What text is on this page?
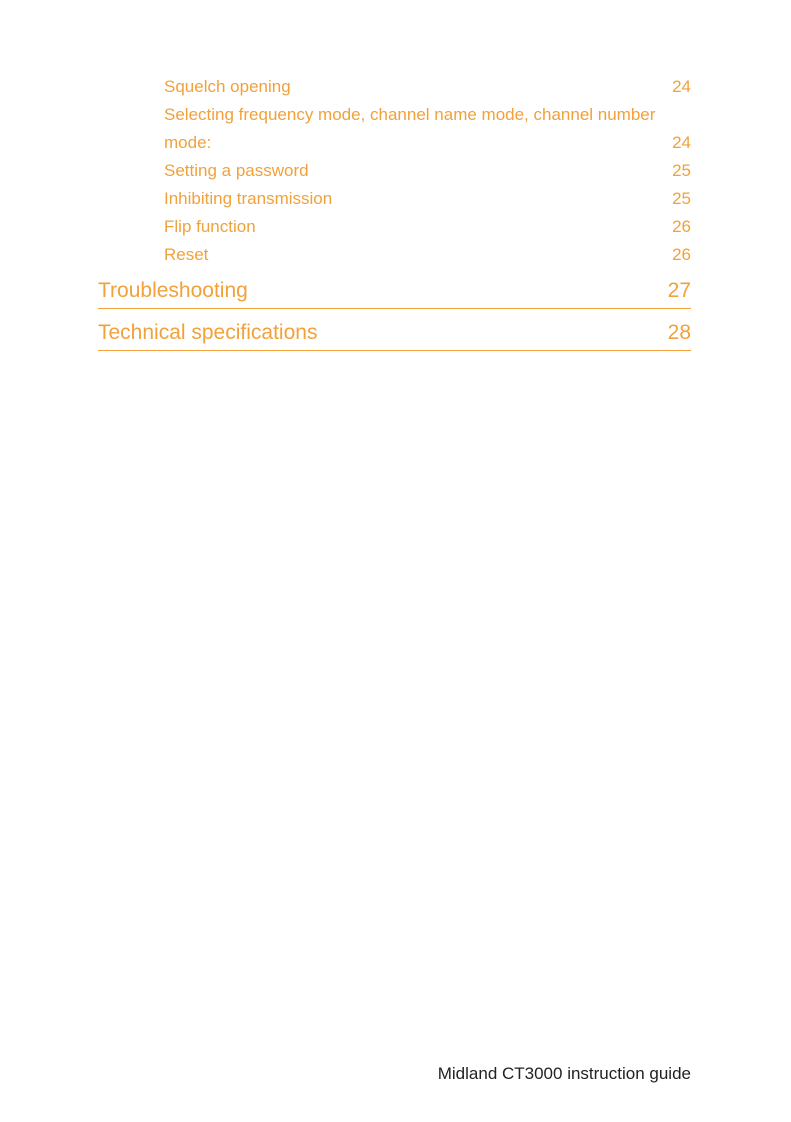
Squelch opening	24
Selecting frequency mode, channel name mode, channel number mode:	24
Setting a password	25
Inhibiting transmission	25
Flip function	26
Reset	26
Troubleshooting	27
Technical specifications	28
Midland CT3000 instruction guide
